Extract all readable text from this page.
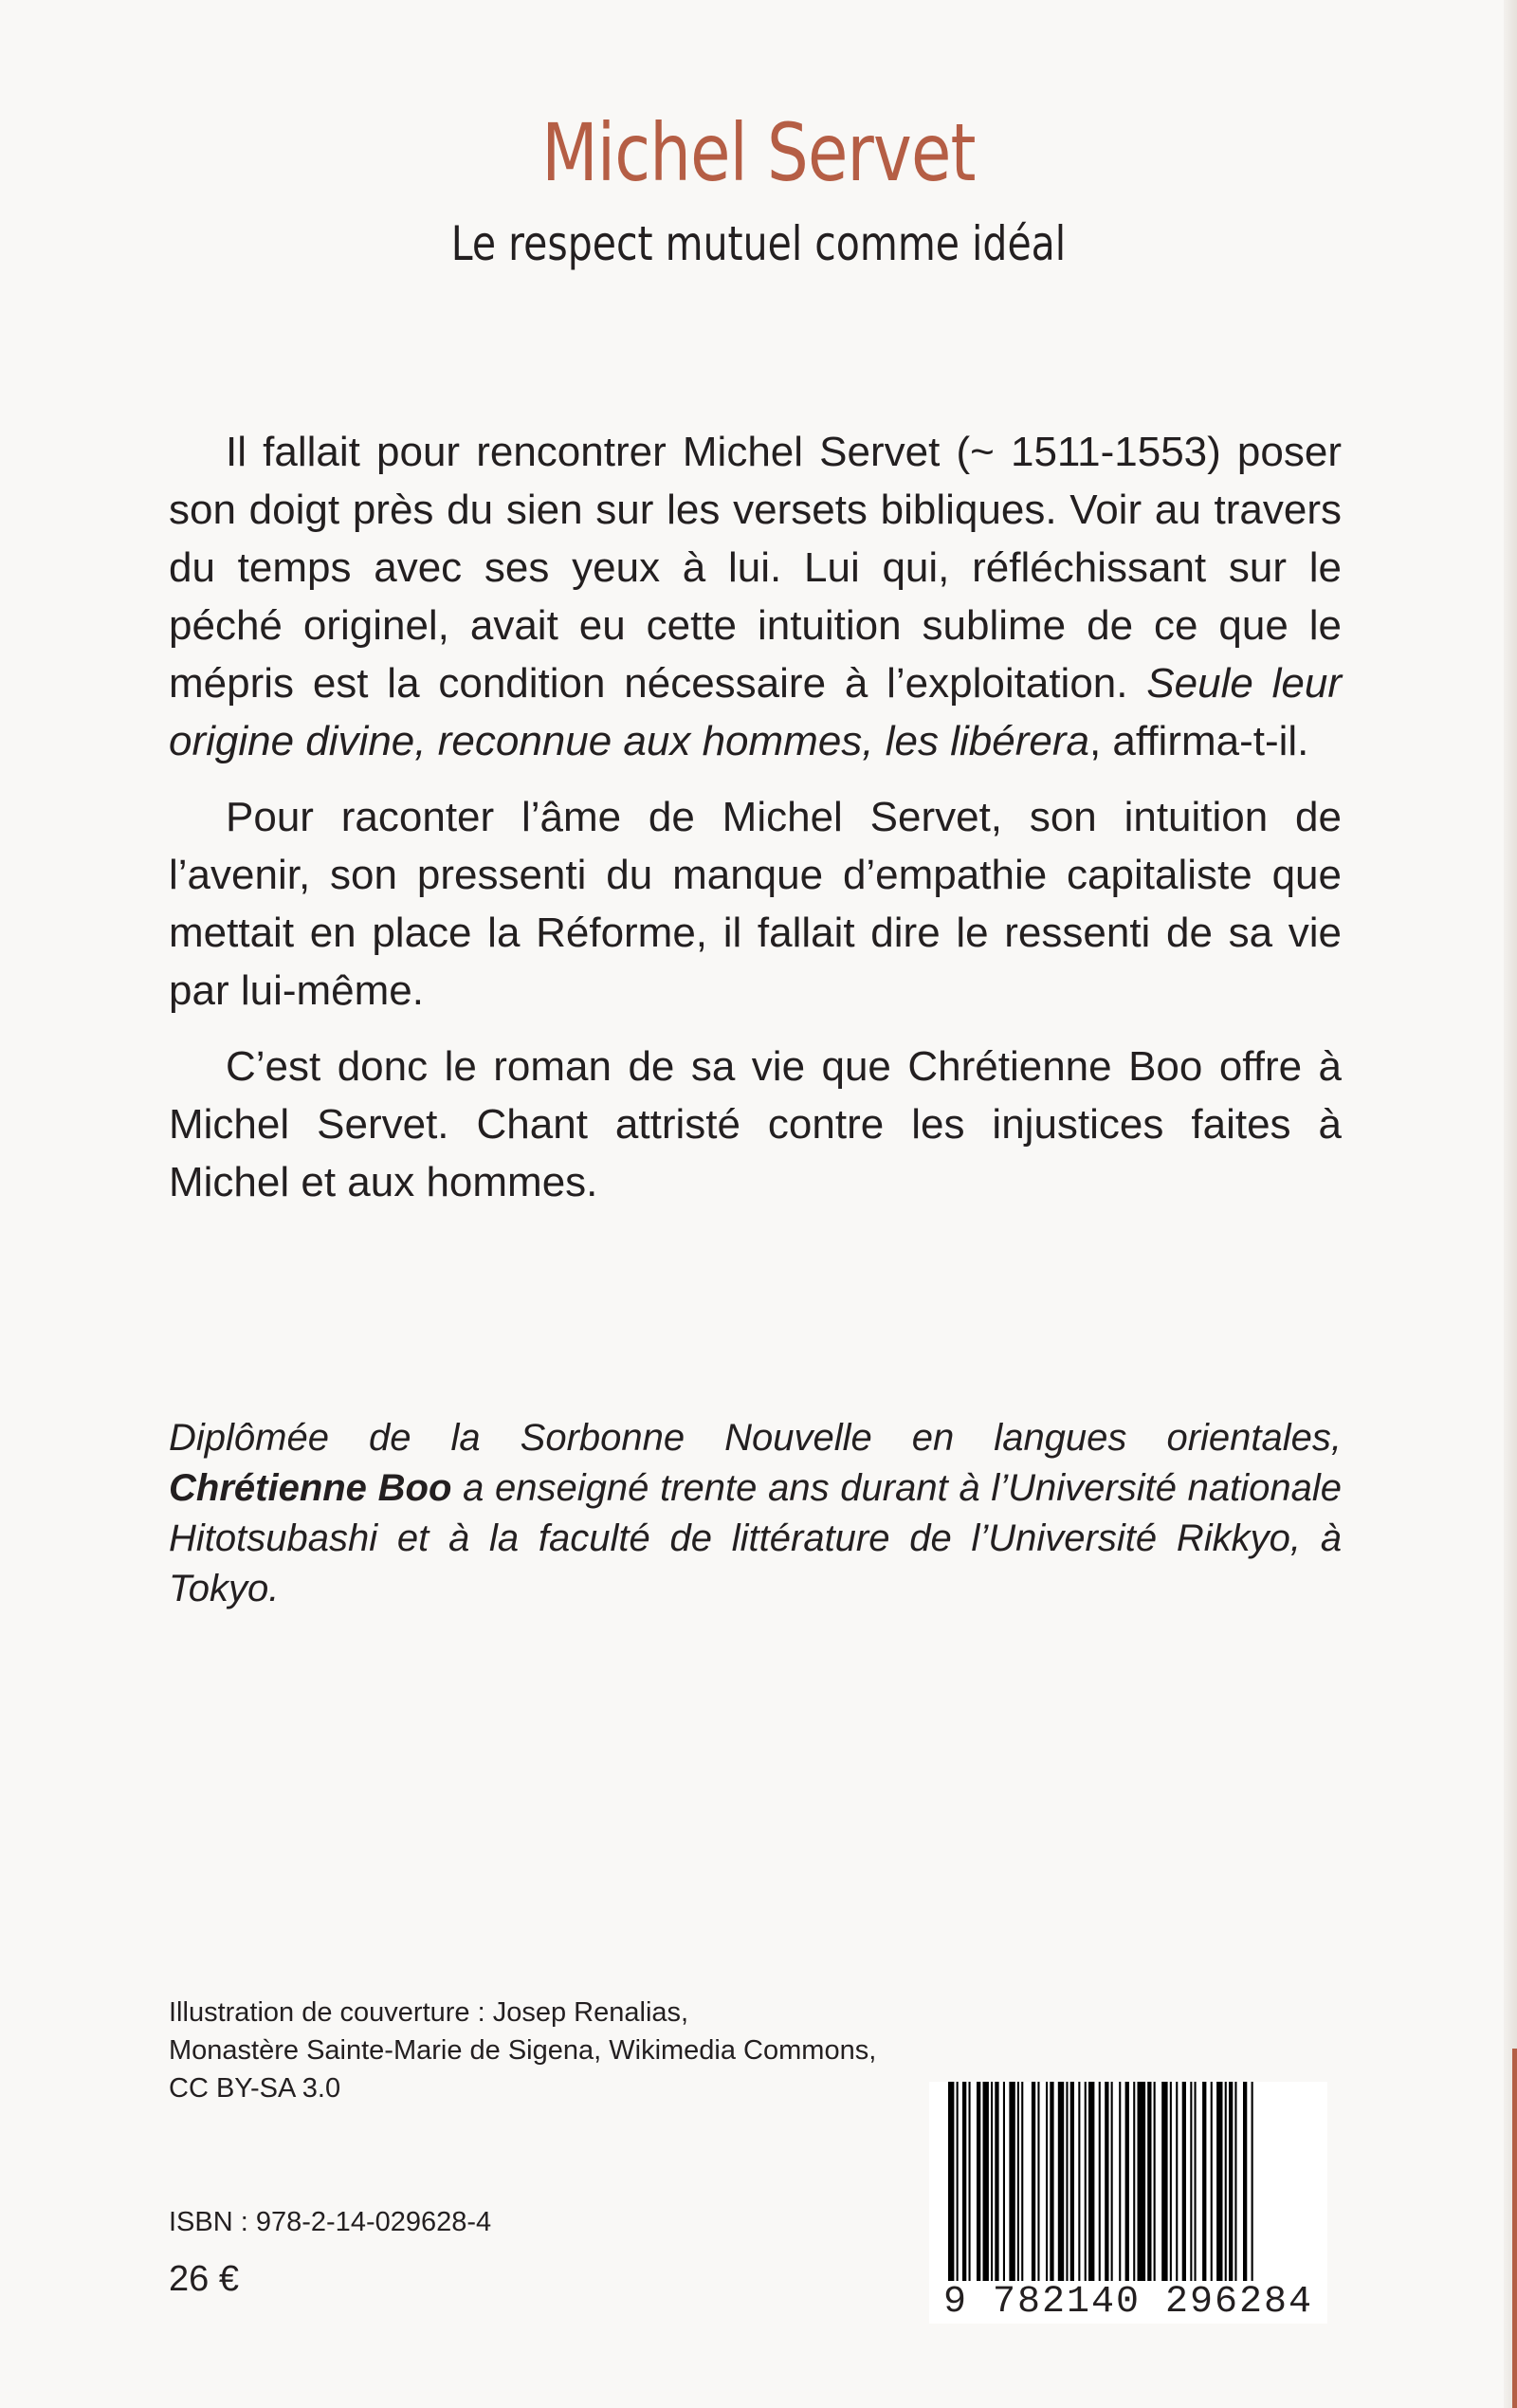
Michel Servet
Le respect mutuel comme idéal

Il fallait pour rencontrer Michel Servet (~ 1511-1553) poser son doigt près du sien sur les versets bibliques. Voir au travers du temps avec ses yeux à lui. Lui qui, réfléchissant sur le péché originel, avait eu cette intuition sublime de ce que le mépris est la condition nécessaire à l’exploitation. Seule leur origine divine, reconnue aux hommes, les libérera, affirma-t-il.

Pour raconter l’âme de Michel Servet, son intuition de l’avenir, son pressenti du manque d’empathie capitaliste que mettait en place la Réforme, il fallait dire le ressenti de sa vie par lui-même.

C’est donc le roman de sa vie que Chrétienne Boo offre à Michel Servet. Chant attristé contre les injustices faites à Michel et aux hommes.

Diplômée de la Sorbonne Nouvelle en langues orientales, Chrétienne Boo a enseigné trente ans durant à l’Université nationale Hitotsubashi et à la faculté de littérature de l’Université Rikkyo, à Tokyo.
Illustration de couverture : Josep Renalias,
Monastère Sainte-Marie de Sigena, Wikimedia Commons,
CC BY-SA 3.0
ISBN : 978-2-14-029628-4
26 €
9 782140 296284
